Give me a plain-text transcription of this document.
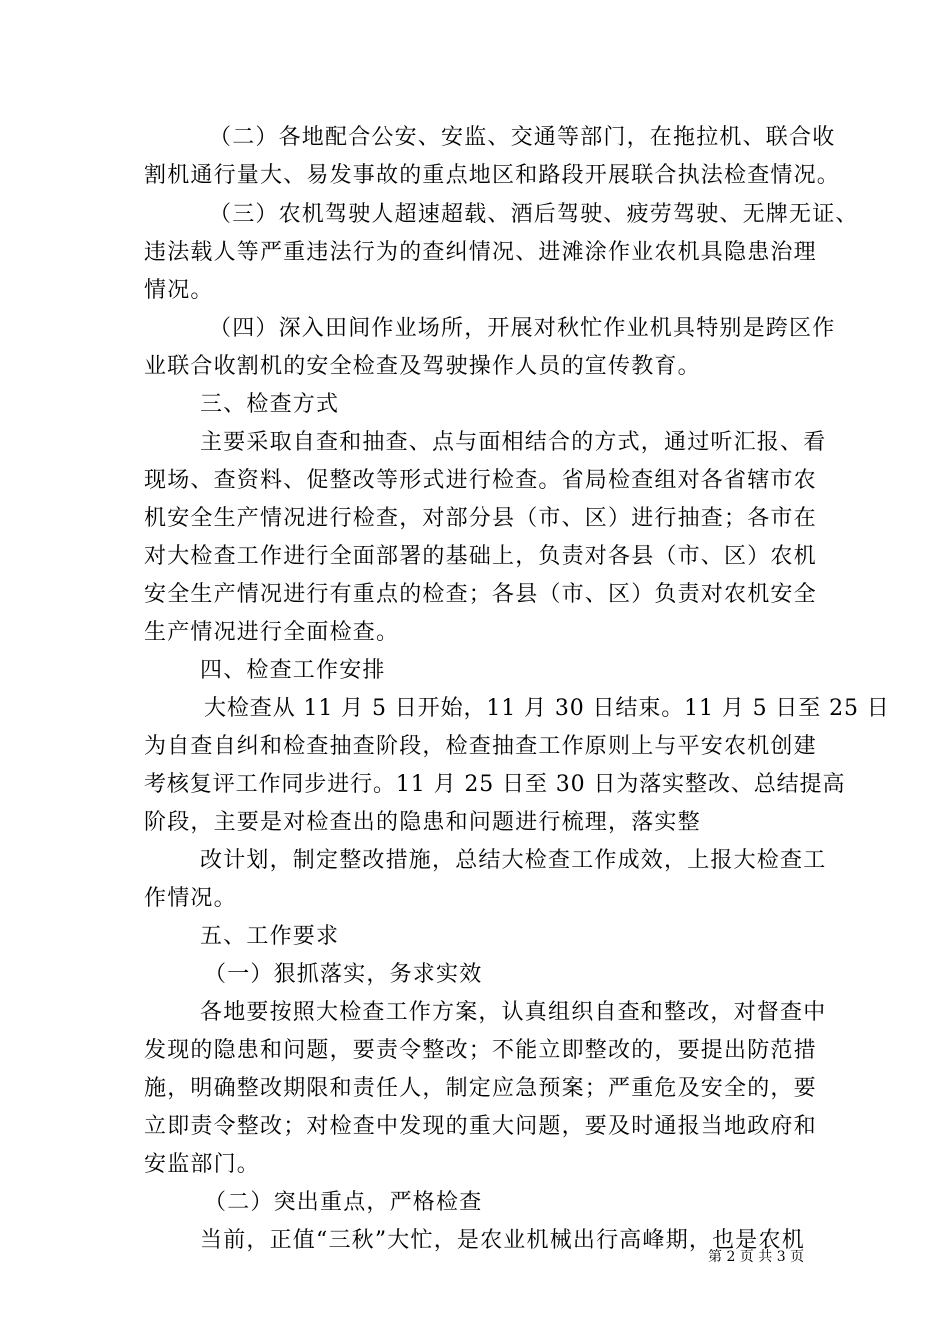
（二）各地配合公安、安监、交通等部门，在拖拉机、联合收
割机通行量大、易发事故的重点地区和路段开展联合执法检查情况。
（三）农机驾驶人超速超载、酒后驾驶、疲劳驾驶、无牌无证、
违法载人等严重违法行为的查纠情况、进滩涂作业农机具隐患治理
情况。
（四）深入田间作业场所，开展对秋忙作业机具特别是跨区作
业联合收割机的安全检查及驾驶操作人员的宣传教育。
三、检查方式
主要采取自查和抽查、点与面相结合的方式，通过听汇报、看
现场、查资料、促整改等形式进行检查。省局检查组对各省辖市农
机安全生产情况进行检查，对部分县（市、区）进行抽查；各市在
对大检查工作进行全面部署的基础上，负责对各县（市、区）农机
安全生产情况进行有重点的检查；各县（市、区）负责对农机安全
生产情况进行全面检查。
四、检查工作安排
大检查从 11 月 5 日开始，11 月 30 日结束。11 月 5 日至 25 日
为自查自纠和检查抽查阶段，检查抽查工作原则上与平安农机创建
考核复评工作同步进行。11 月 25 日至 30 日为落实整改、总结提高
阶段，主要是对检查出的隐患和问题进行梳理，落实整
改计划，制定整改措施，总结大检查工作成效，上报大检查工
作情况。
五、工作要求
（一）狠抓落实，务求实效
各地要按照大检查工作方案，认真组织自查和整改，对督查中
发现的隐患和问题，要责令整改；不能立即整改的，要提出防范措
施，明确整改期限和责任人，制定应急预案；严重危及安全的，要
立即责令整改；对检查中发现的重大问题，要及时通报当地政府和
安监部门。
（二）突出重点，严格检查
当前，正值“三秋”大忙，是农业机械出行高峰期，也是农机
第 2 页 共 3 页
